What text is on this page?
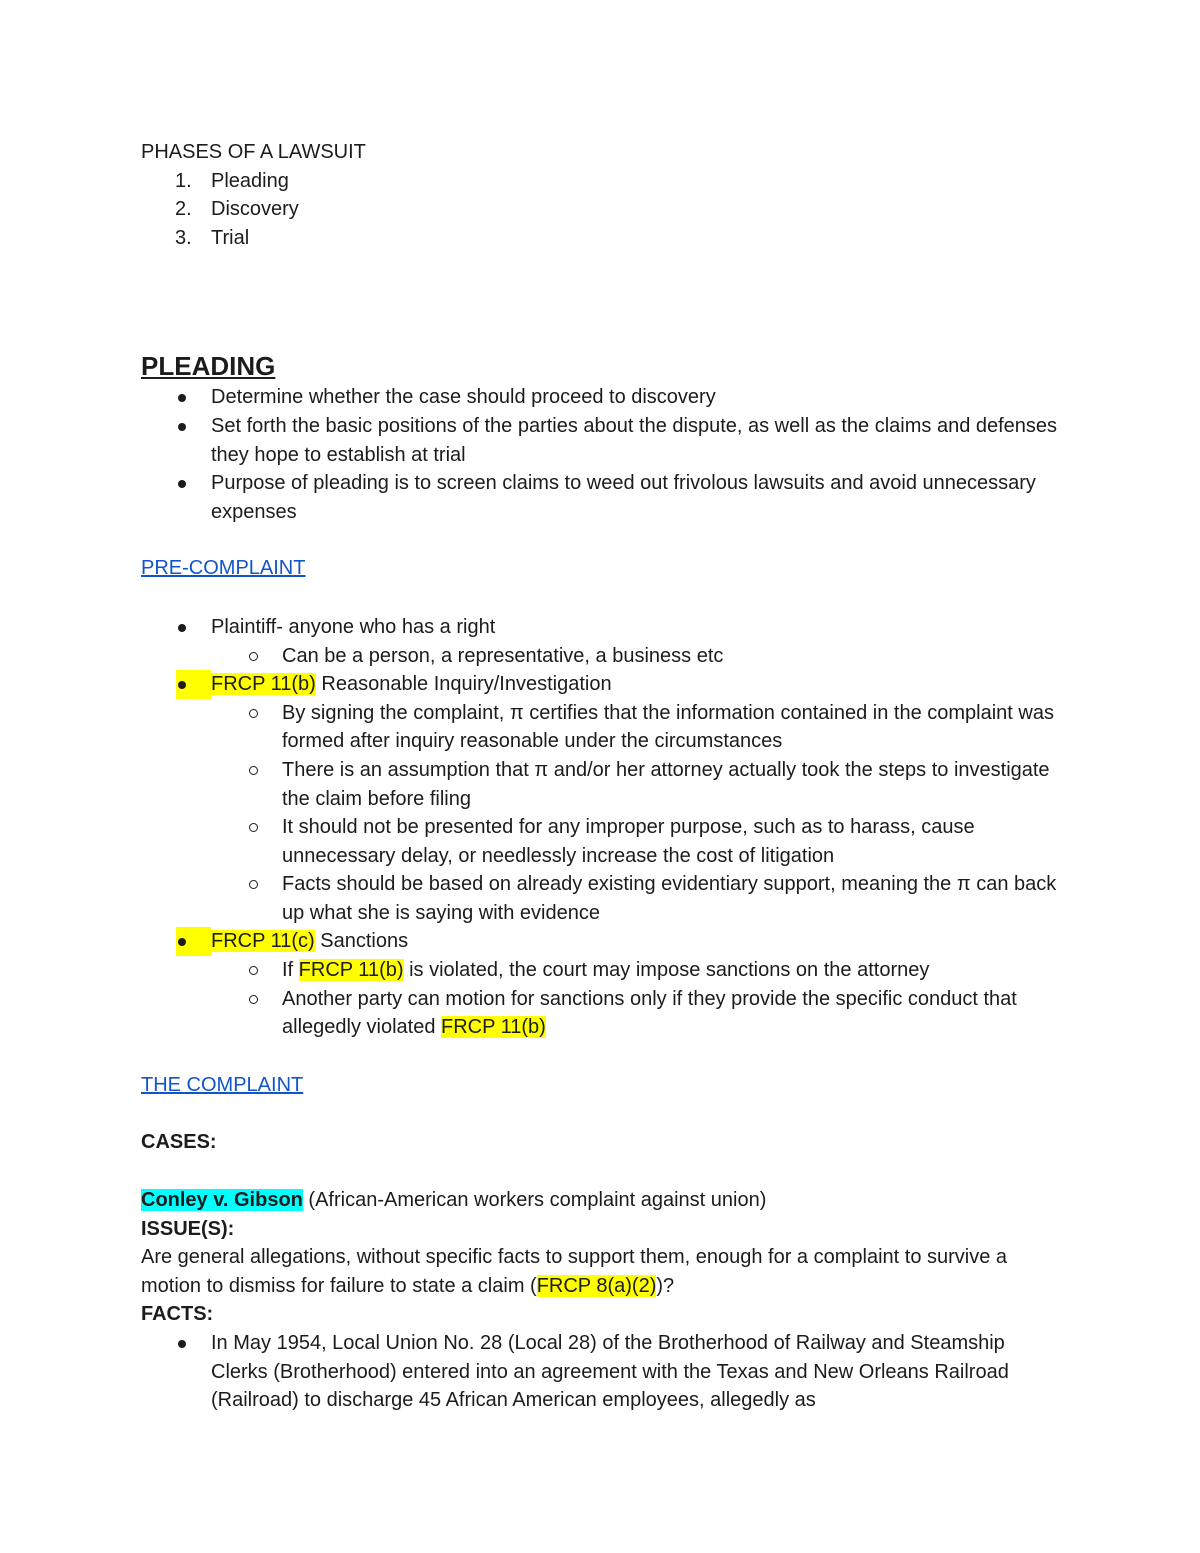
PHASES OF A LAWSUIT

1. Pleading
2. Discovery
3. Trial
PLEADING
Determine whether the case should proceed to discovery
Set forth the basic positions of the parties about the dispute, as well as the claims and defenses they hope to establish at trial
Purpose of pleading is to screen claims to weed out frivolous lawsuits and avoid unnecessary expenses
PRE-COMPLAINT
Plaintiff- anyone who has a right
Can be a person, a representative, a business etc
FRCP 11(b) Reasonable Inquiry/Investigation
By signing the complaint, π certifies that the information contained in the complaint was formed after inquiry reasonable under the circumstances
There is an assumption that π and/or her attorney actually took the steps to investigate the claim before filing
It should not be presented for any improper purpose, such as to harass, cause unnecessary delay, or needlessly increase the cost of litigation
Facts should be based on already existing evidentiary support, meaning the π can back up what she is saying with evidence
FRCP 11(c) Sanctions
If FRCP 11(b) is violated, the court may impose sanctions on the attorney
Another party can motion for sanctions only if they provide the specific conduct that allegedly violated FRCP 11(b)
THE COMPLAINT
CASES:
Conley v. Gibson (African-American workers complaint against union)
ISSUE(S):
Are general allegations, without specific facts to support them, enough for a complaint to survive a motion to dismiss for failure to state a claim (FRCP 8(a)(2))?
FACTS:
In May 1954, Local Union No. 28 (Local 28) of the Brotherhood of Railway and Steamship Clerks (Brotherhood) entered into an agreement with the Texas and New Orleans Railroad (Railroad) to discharge 45 African American employees, allegedly as
